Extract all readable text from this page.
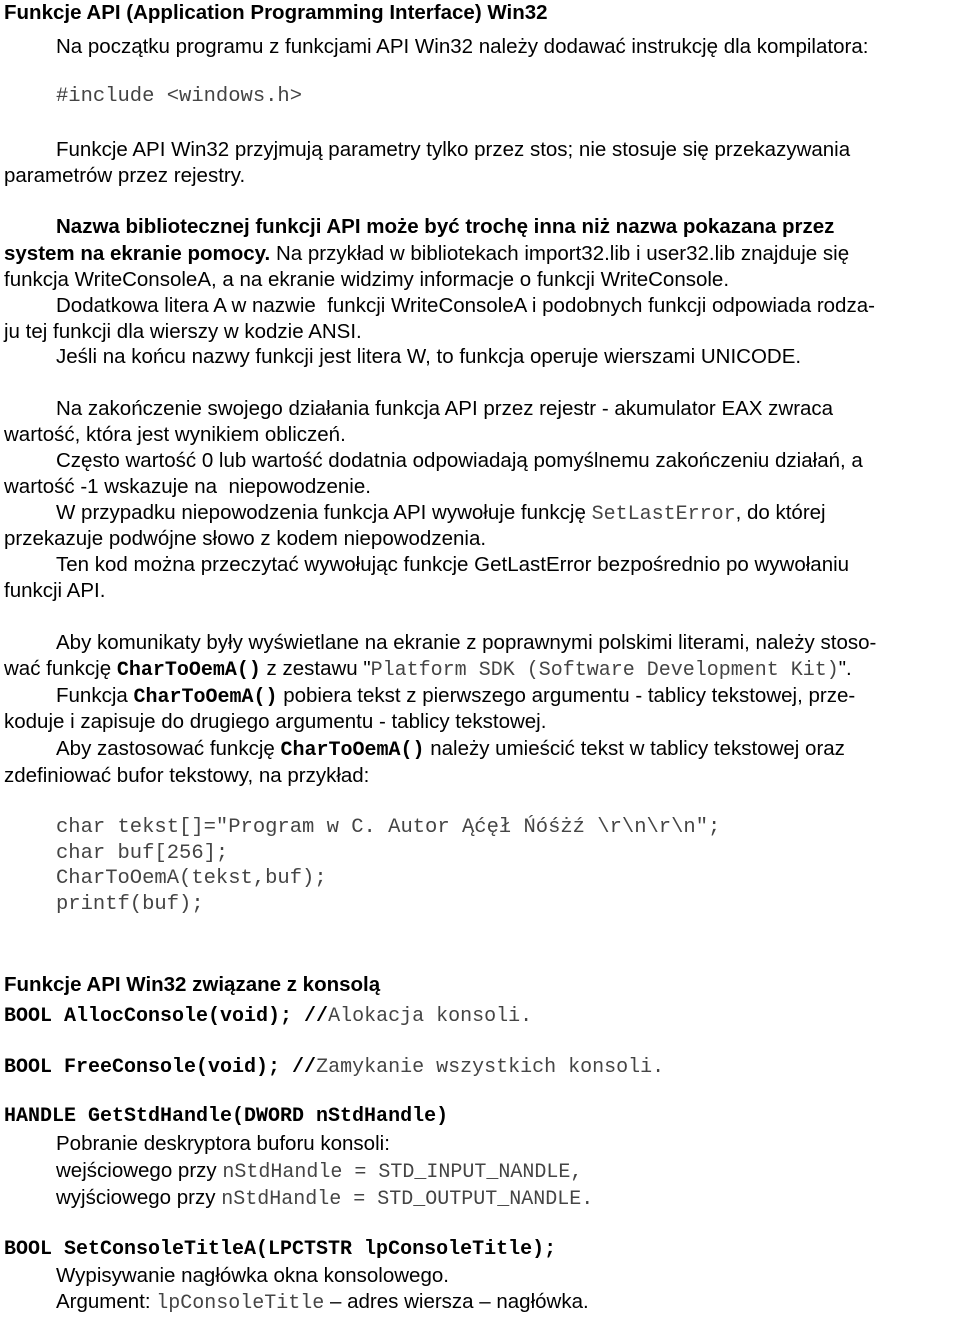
Funkcje API (Application Programming Interface) Win32
Na początku programu z funkcjami API Win32 należy dodawać instrukcję dla kompilatora:
#include <windows.h>
Funkcje API Win32 przyjmują parametry tylko przez stos; nie stosuje się przekazywania
parametrów przez rejestry.
Nazwa bibliotecznej funkcji API może być trochę inna niż nazwa pokazana przez
system na ekranie pomocy. Na przykład w bibliotekach import32.lib i user32.lib znajduje się
funkcja WriteConsoleA, a na ekranie widzimy informacje o funkcji WriteConsole.
Dodatkowa litera A w nazwie  funkcji WriteConsoleA i podobnych funkcji odpowiada rodza-
ju tej funkcji dla wierszy w kodzie ANSI.
Jeśli na końcu nazwy funkcji jest litera W, to funkcja operuje wierszami UNICODE.
Na zakończenie swojego działania funkcja API przez rejestr - akumulator EAX zwraca
wartość, która jest wynikiem obliczeń.
Często wartość 0 lub wartość dodatnia odpowiadają pomyślnemu zakończeniu działań, a
wartość -1 wskazuje na  niepowodzenie.
W przypadku niepowodzenia funkcja API wywołuje funkcję SetLastError, do której
przekazuje podwójne słowo z kodem niepowodzenia.
Ten kod można przeczytać wywołując funkcje GetLastError bezpośrednio po wywołaniu
funkcji API.
Aby komunikaty były wyświetlane na ekranie z poprawnymi polskimi literami, należy stoso-
wać funkcję CharToOemA() z zestawu "Platform SDK (Software Development Kit)".
Funkcja CharToOemA() pobiera tekst z pierwszego argumentu - tablicy tekstowej, prze-
koduje i zapisuje do drugiego argumentu - tablicy tekstowej.
Aby zastosować funkcję CharToOemA() należy umieścić tekst w tablicy tekstowej oraz
zdefiniować bufor tekstowy, na przykład:
char tekst[]="Program w C. Autor Ąćęł Ńóśżź \r\n\r\n";
char buf[256];
CharToOemA(tekst,buf);
printf(buf);
Funkcje API Win32 związane z konsolą
BOOL AllocConsole(void); //Alokacja konsoli.
BOOL FreeConsole(void); //Zamykanie wszystkich konsoli.
HANDLE GetStdHandle(DWORD nStdHandle)
Pobranie deskryptora buforu konsoli:
wejściowego przy nStdHandle = STD_INPUT_NANDLE,
wyjściowego przy nStdHandle = STD_OUTPUT_NANDLE.
BOOL SetConsoleTitleA(LPCTSTR lpConsoleTitle);
Wypisywanie nagłówka okna konsolowego.
Argument: lpConsoleTitle – adres wiersza – nagłówka.
